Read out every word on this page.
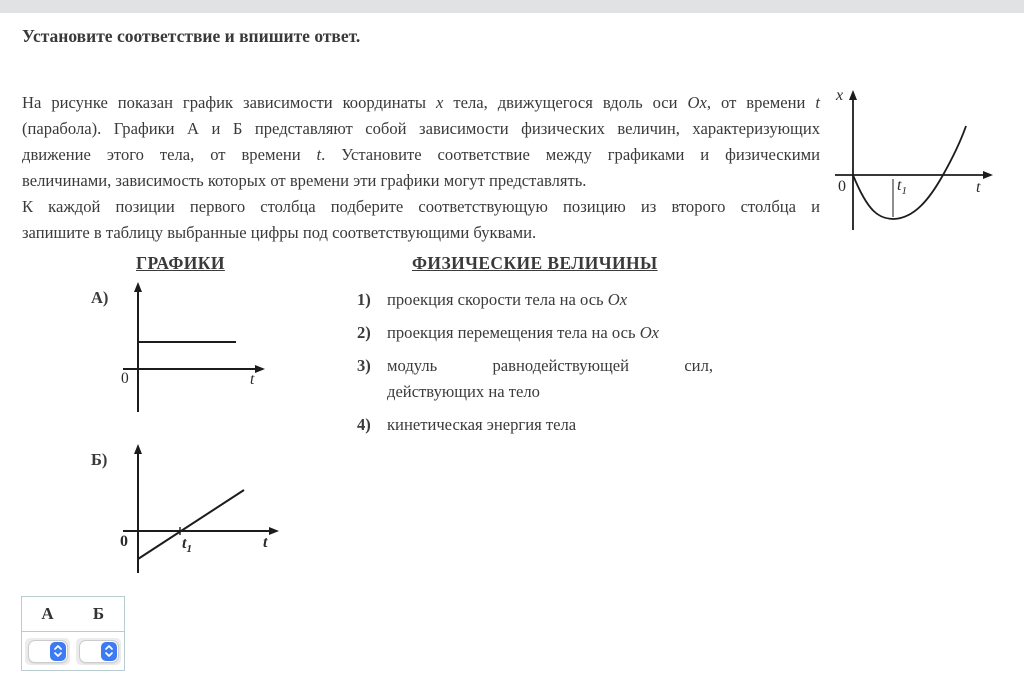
Установите соответствие и впишите ответ.
На рисунке показан график зависимости координаты x тела, движущегося вдоль оси Ox, от времени t
(парабола). Графики А и Б представляют собой зависимости физических величин, характеризующих
движение этого тела, от времени t. Установите соответствие между графиками и физическими
величинами, зависимость которых от времени эти графики могут представлять.
К каждой позиции первого столбца подберите соответствующую позицию из второго столбца и
запишите в таблицу выбранные цифры под соответствующими буквами.
x
0	$t_1$	t
ГРАФИКИ	ФИЗИЧЕСКИЕ ВЕЛИЧИНЫ
А)
0	t
Б)
0	$t_1$	t
1) проекция скорости тела на ось Ox
2) проекция перемещения тела на ось Ox
3) модуль равнодействующей сил,
действующих на тело
4) кинетическая энергия тела
А	Б
